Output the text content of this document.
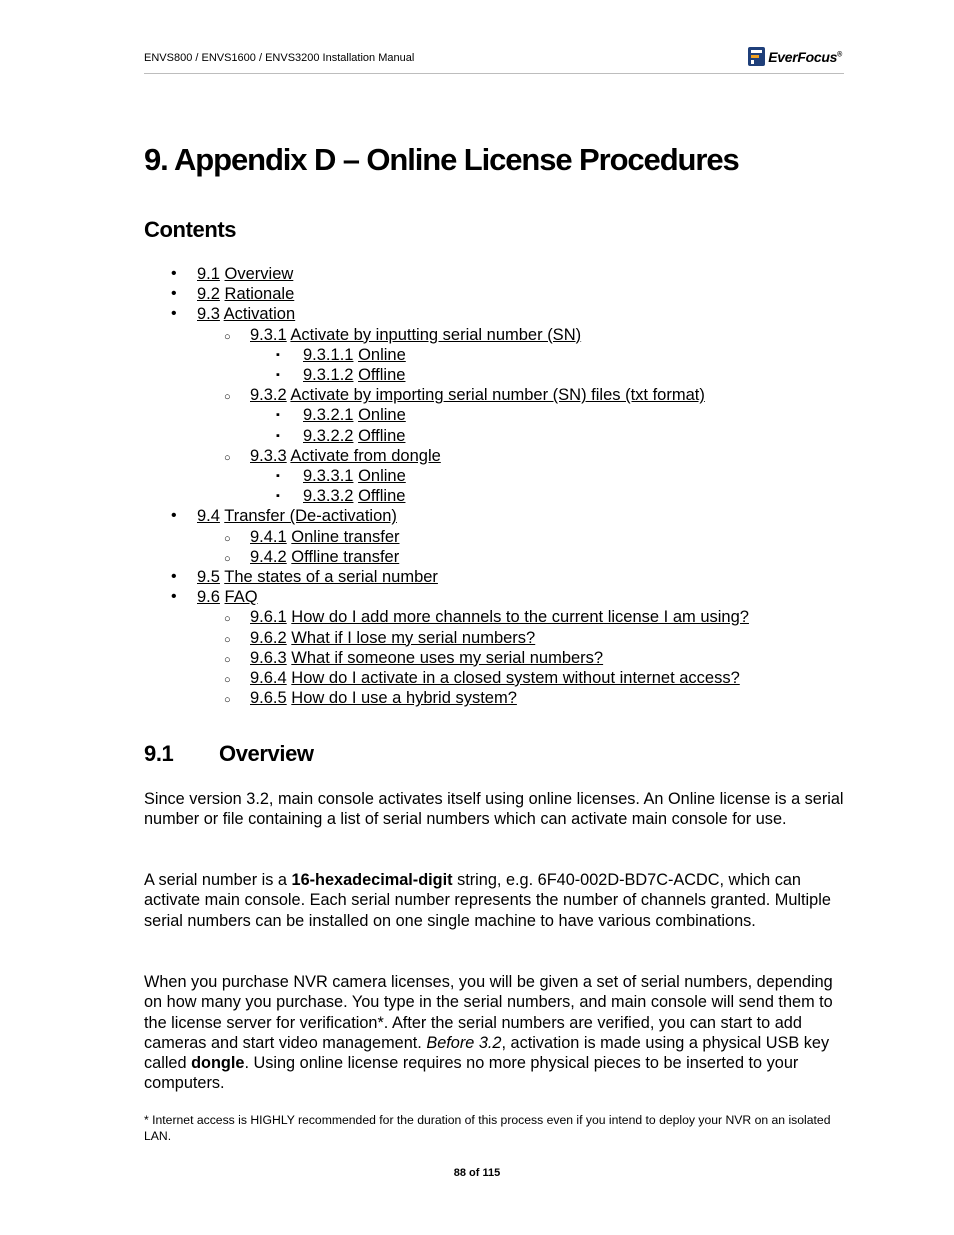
ENVS800 / ENVS1600 / ENVS3200 Installation Manual	EverFocus®
9. Appendix D – Online License Procedures
Contents
• 9.1 Overview
• 9.2 Rationale
• 9.3 Activation
○ 9.3.1 Activate by inputting serial number (SN)
▪ 9.3.1.1 Online
▪ 9.3.1.2 Offline
○ 9.3.2 Activate by importing serial number (SN) files (txt format)
▪ 9.3.2.1 Online
▪ 9.3.2.2 Offline
○ 9.3.3 Activate from dongle
▪ 9.3.3.1 Online
▪ 9.3.3.2 Offline
• 9.4 Transfer (De-activation)
○ 9.4.1 Online transfer
○ 9.4.2 Offline transfer
• 9.5 The states of a serial number
• 9.6 FAQ
○ 9.6.1 How do I add more channels to the current license I am using?
○ 9.6.2 What if I lose my serial numbers?
○ 9.6.3 What if someone uses my serial numbers?
○ 9.6.4 How do I activate in a closed system without internet access?
○ 9.6.5 How do I use a hybrid system?
9.1 Overview

Since version 3.2, main console activates itself using online licenses. An Online license is a serial number or file containing a list of serial numbers which can activate main console for use.

A serial number is a 16-hexadecimal-digit string, e.g. 6F40-002D-BD7C-ACDC, which can activate main console. Each serial number represents the number of channels granted. Multiple serial numbers can be installed on one single machine to have various combinations.

When you purchase NVR camera licenses, you will be given a set of serial numbers, depending on how many you purchase. You type in the serial numbers, and main console will send them to the license server for verification*. After the serial numbers are verified, you can start to add cameras and start video management. Before 3.2, activation is made using a physical USB key called dongle. Using online license requires no more physical pieces to be inserted to your computers.

* Internet access is HIGHLY recommended for the duration of this process even if you intend to deploy your NVR on an isolated LAN.

88 of 115
